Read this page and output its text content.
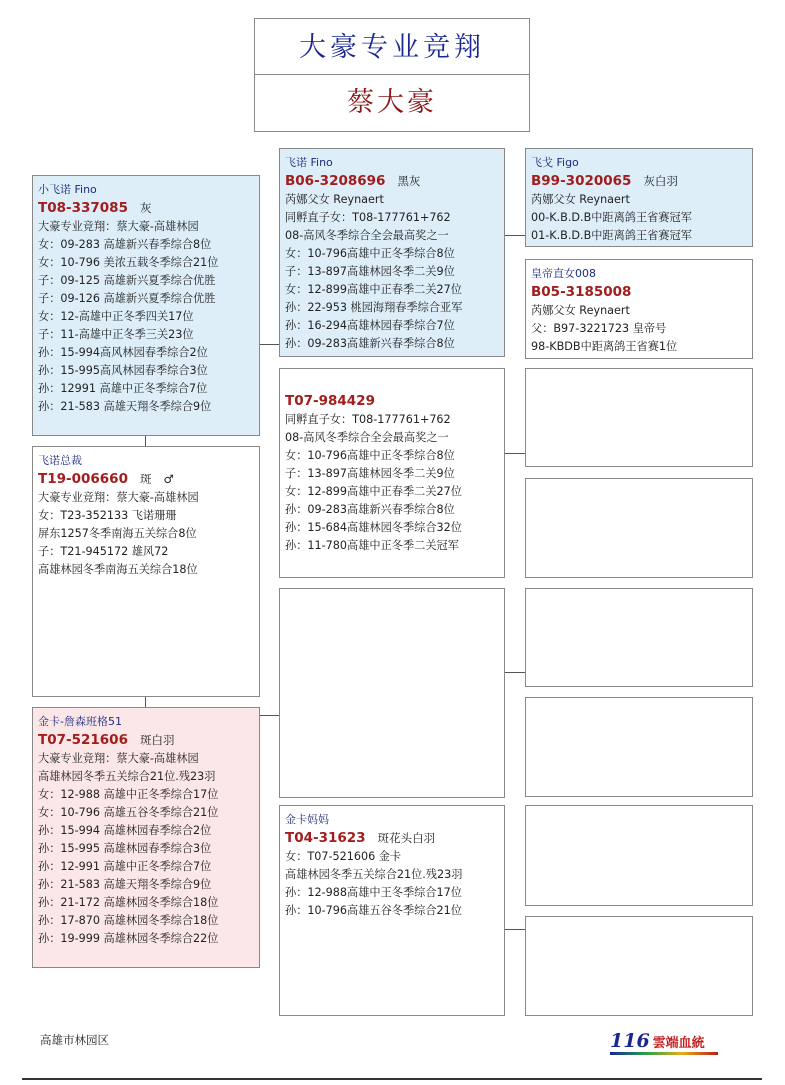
大豪专业竞翔
蔡大豪
小飞诺 Fino
T08-337085 灰
大豪专业竞翔：蔡大豪-高雄林园
女：09-283 高雄新兴春季综合8位
女：10-796 美浓五载冬季综合21位
子：09-125 高雄新兴夏季综合优胜
子：09-126 高雄新兴夏季综合优胜
女：12-高雄中正冬季四关17位
子：11-高雄中正冬季三关23位
孙：15-994高风林园春季综合2位
孙：15-995高风林园春季综合3位
孙：12991 高雄中正冬季综合7位
孙：21-583 高雄天翔冬季综合9位
飞诺总裁
T19-006660 斑 ♂
大豪专业竞翔：蔡大豪-高雄林园
女：T23-352133 飞诺珊珊
屏东1257冬季南海五关综合8位
子：T21-945172 雄风72
高雄林园冬季南海五关综合18位
金卡-詹森班格51
T07-521606 斑白羽
大豪专业竞翔：蔡大豪-高雄林园
高雄林园冬季五关综合21位.残23羽
女：12-988 高雄中正冬季综合17位
女：10-796 高雄五谷冬季综合21位
孙：15-994 高雄林园春季综合2位
孙：15-995 高雄林园春季综合3位
孙：12-991 高雄中正冬季综合7位
孙：21-583 高雄天翔冬季综合9位
孙：21-172 高雄林园冬季综合18位
孙：17-870 高雄林园冬季综合18位
孙：19-999 高雄林园冬季综合22位
飞诺 Fino
B06-3208696 黑灰
芮娜父女 Reynaert
同孵直子女：T08-177761+762
08-高风冬季综合全会最高奖之一
女：10-796高雄中正冬季综合8位
子：13-897高雄林园冬季二关9位
女：12-899高雄中正春季二关27位
孙：22-953 桃园海翔春季综合亚军
孙：16-294高雄林园春季综合7位
孙：09-283高雄新兴春季综合8位
T07-984429
同孵直子女：T08-177761+762
08-高风冬季综合全会最高奖之一
女：10-796高雄中正冬季综合8位
子：13-897高雄林园冬季二关9位
女：12-899高雄中正春季二关27位
孙：09-283高雄新兴春季综合8位
孙：15-684高雄林园冬季综合32位
孙：11-780高雄中正冬季二关冠军
金卡妈妈
T04-31623 斑花头白羽
女：T07-521606 金卡
高雄林园冬季五关综合21位.残23羽
孙：12-988高雄中王冬季综合17位
孙：10-796高雄五谷冬季综合21位
飞戈 Figo
B99-3020065 灰白羽
芮娜父女 Reynaert
00-K.B.D.B中距离鸽王省赛冠军
01-K.B.D.B中距离鸽王省赛冠军
皇帝直女008
B05-3185008
芮娜父女 Reynaert
父：B97-3221723 皇帝号
98-KBDB中距离鸽王省赛1位
高雄市林园区	116 雲端血統
